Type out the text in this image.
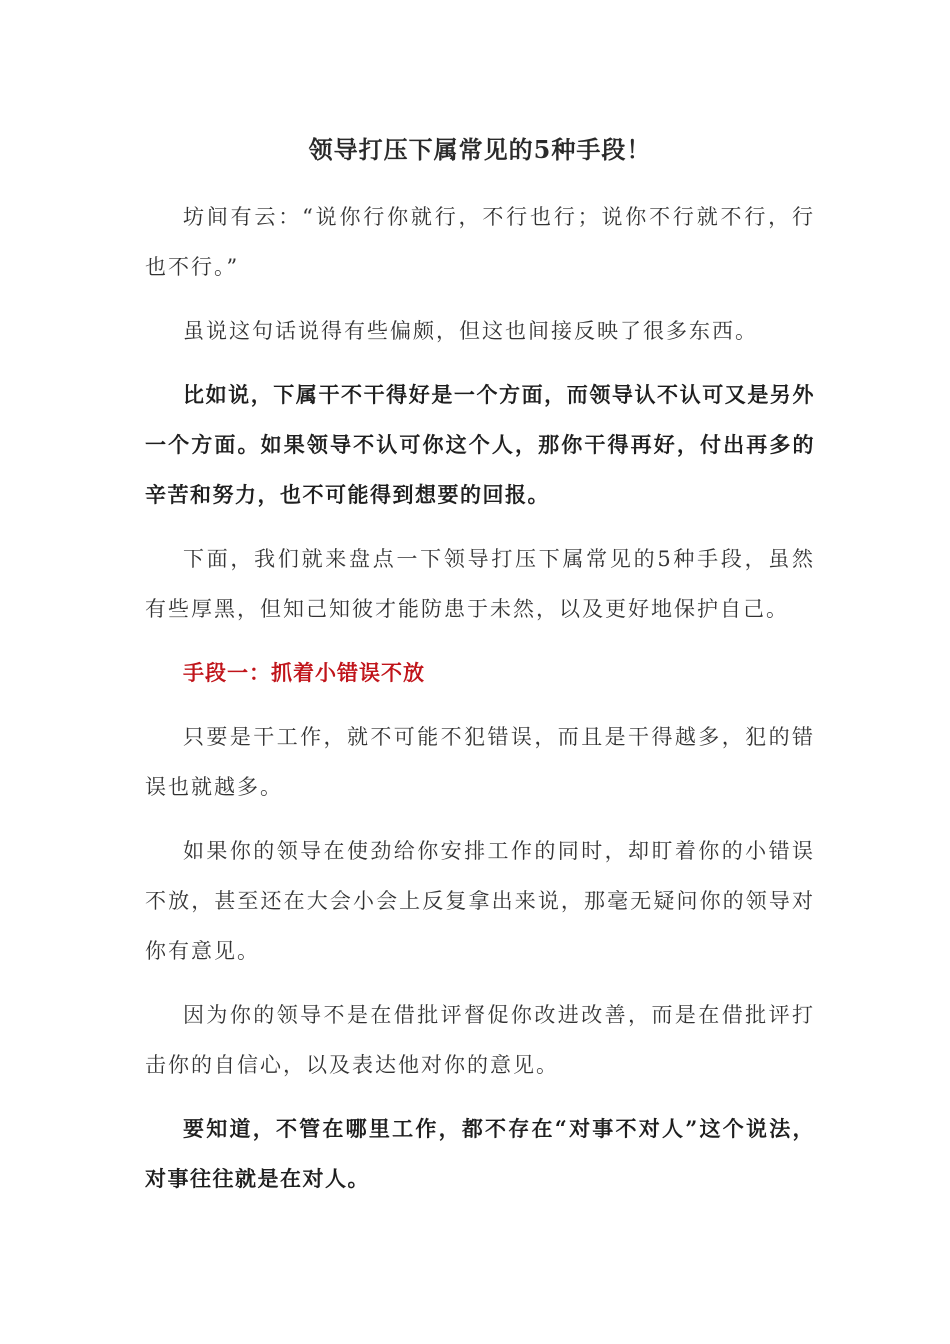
领导打压下属常见的5种手段！

坊间有云：“说你行你就行，不行也行；说你不行就不行，行也不行。”

虽说这句话说得有些偏颇，但这也间接反映了很多东西。

比如说，下属干不干得好是一个方面，而领导认不认可又是另外一个方面。如果领导不认可你这个人，那你干得再好，付出再多的辛苦和努力，也不可能得到想要的回报。

下面，我们就来盘点一下领导打压下属常见的5种手段，虽然有些厚黑，但知己知彼才能防患于未然，以及更好地保护自己。

手段一：抓着小错误不放

只要是干工作，就不可能不犯错误，而且是干得越多，犯的错误也就越多。

如果你的领导在使劲给你安排工作的同时，却盯着你的小错误不放，甚至还在大会小会上反复拿出来说，那毫无疑问你的领导对你有意见。

因为你的领导不是在借批评督促你改进改善，而是在借批评打击你的自信心，以及表达他对你的意见。

要知道，不管在哪里工作，都不存在“对事不对人”这个说法，对事往往就是在对人。
